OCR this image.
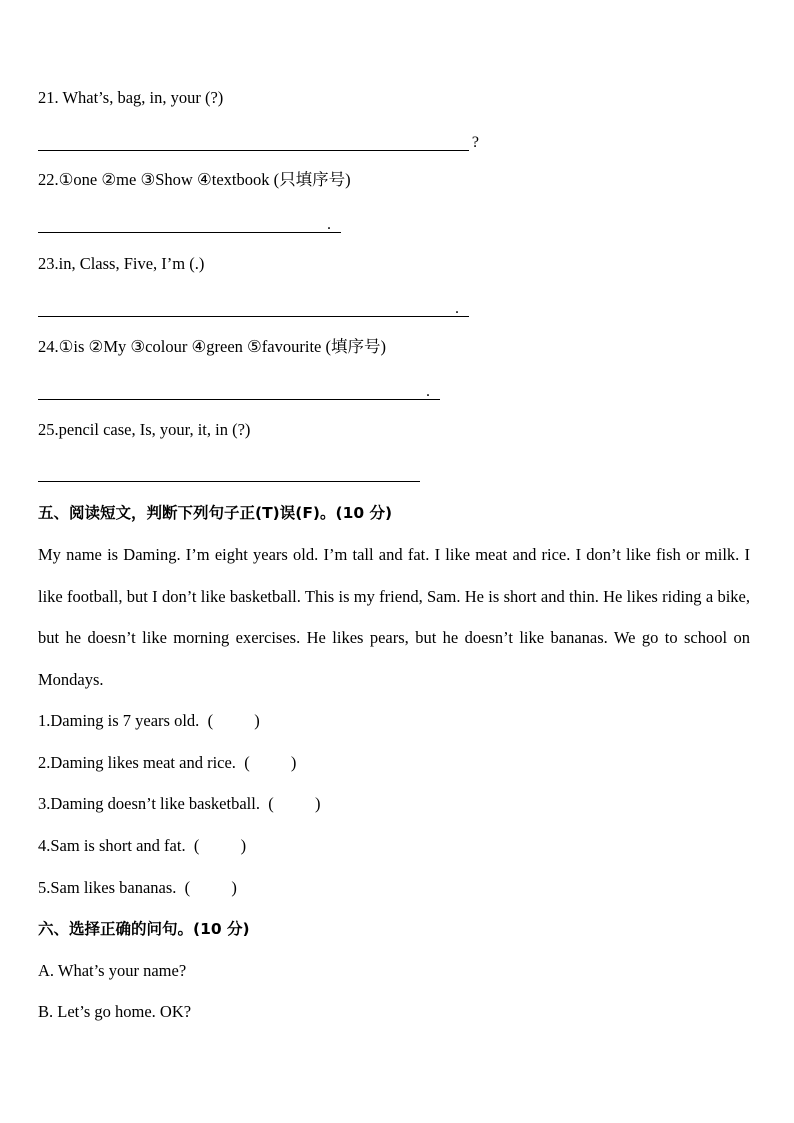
21. What’s, bag, in, your (?)
?
22.①one ②me ③Show ④textbook (只填序号)
.
23.in, Class, Five, I’m (.)
.
24.①is ②My ③colour ④green ⑤favourite (填序号)
.
25.pencil case, Is, your, it, in (?)
五、阅读短文，判断下列句子正(T)误(F)。(10 分)

My name is Daming. I’m eight years old. I’m tall and fat. I like meat and rice. I don’t like fish or milk. I like football, but I don’t like basketball. This is my friend, Sam. He is short and thin. He likes riding a bike, but he doesn’t like morning exercises. He likes pears, but he doesn’t like bananas. We go to school on Mondays.

1.Daming is 7 years old. (          )
2.Daming likes meat and rice. (          )
3.Daming doesn’t like basketball. (          )
4.Sam is short and fat. (          )
5.Sam likes bananas. (          )
六、选择正确的问句。(10 分)
A. What’s your name?
B. Let’s go home. OK?
